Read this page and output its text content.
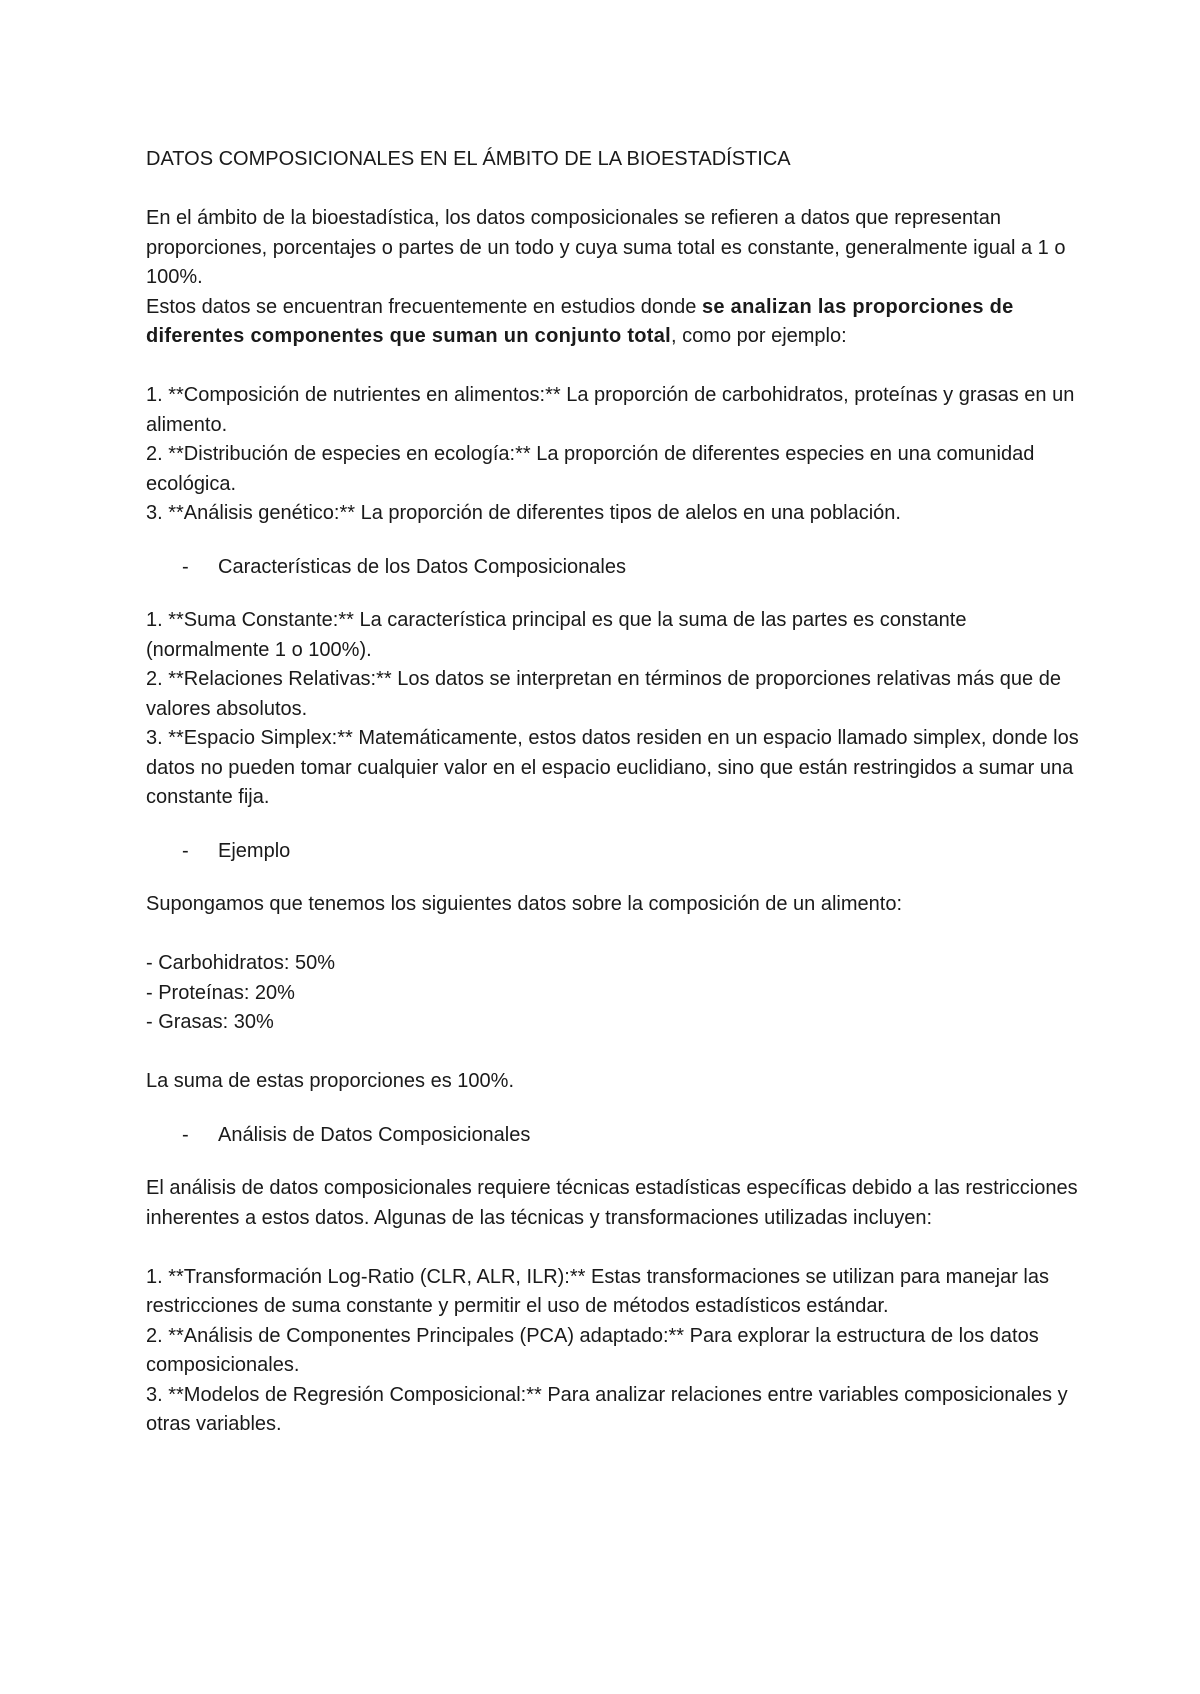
DATOS COMPOSICIONALES EN EL ÁMBITO DE LA BIOESTADÍSTICA

En el ámbito de la bioestadística, los datos composicionales se refieren a datos que representan proporciones, porcentajes o partes de un todo y cuya suma total es constante, generalmente igual a 1 o 100%.

Estos datos se encuentran frecuentemente en estudios donde se analizan las proporciones de diferentes componentes que suman un conjunto total, como por ejemplo:

1. **Composición de nutrientes en alimentos:** La proporción de carbohidratos, proteínas y grasas en un alimento.

2. **Distribución de especies en ecología:** La proporción de diferentes especies en una comunidad ecológica.

3. **Análisis genético:** La proporción de diferentes tipos de alelos en una población.

-	Características de los Datos Composicionales

1. **Suma Constante:** La característica principal es que la suma de las partes es constante (normalmente 1 o 100%).

2. **Relaciones Relativas:** Los datos se interpretan en términos de proporciones relativas más que de valores absolutos.

3. **Espacio Simplex:** Matemáticamente, estos datos residen en un espacio llamado simplex, donde los datos no pueden tomar cualquier valor en el espacio euclidiano, sino que están restringidos a sumar una constante fija.

-	Ejemplo

Supongamos que tenemos los siguientes datos sobre la composición de un alimento:

- Carbohidratos: 50%

- Proteínas: 20%

- Grasas: 30%

La suma de estas proporciones es 100%.

-	Análisis de Datos Composicionales

El análisis de datos composicionales requiere técnicas estadísticas específicas debido a las restricciones inherentes a estos datos. Algunas de las técnicas y transformaciones utilizadas incluyen:

1. **Transformación Log-Ratio (CLR, ALR, ILR):** Estas transformaciones se utilizan para manejar las restricciones de suma constante y permitir el uso de métodos estadísticos estándar.

2. **Análisis de Componentes Principales (PCA) adaptado:** Para explorar la estructura de los datos composicionales.

3. **Modelos de Regresión Composicional:** Para analizar relaciones entre variables composicionales y otras variables.
